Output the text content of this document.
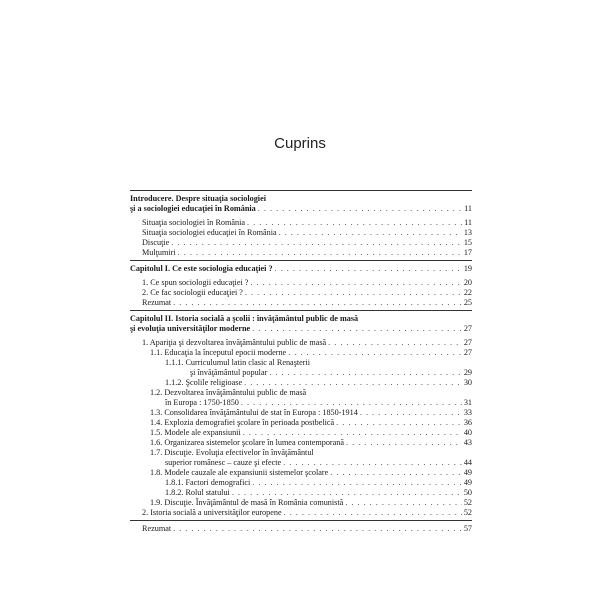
Cuprins
Introducere. Despre situaţia sociologiei
şi a sociologiei educaţiei în România . . .	11
Situaţia sociologiei în România . . .	11
Situaţia sociologiei educaţiei în România . . .	13
Discuţie . . .	15
Mulţumiri . . .	17
Capitolul I. Ce este sociologia educaţiei ? . . .	19
1. Ce spun sociologii educaţiei ? . . .	20
2. Ce fac sociologii educaţiei ? . . .	22
Rezumat . . .	25
Capitolul II. Istoria socială a şcolii : învăţământul public de masă
şi evoluţia universităţilor moderne . . .	27
1. Apariţia şi dezvoltarea învăţământului public de masă . . .	27
1.1. Educaţia la începutul epocii moderne . . .	27
1.1.1. Curriculumul latin clasic al Renaşterii
şi învăţământul popular . . .	29
1.1.2. Şcolile religioase . . .	30
1.2. Dezvoltarea învăţământului public de masă
în Europa : 1750-1850 . . .	31
1.3. Consolidarea învăţământului de stat în Europa : 1850-1914 . . .	33
1.4. Explozia demografiei şcolare în perioada postbelică . . .	36
1.5. Modele ale expansiunii . . .	40
1.6. Organizarea sistemelor şcolare în lumea contemporană . . .	43
1.7. Discuţie. Evoluţia efectivelor în învăţământul
superior românesc – cauze şi efecte . . .	44
1.8. Modele cauzale ale expansiunii sistemelor şcolare . . .	49
1.8.1. Factori demografici . . .	49
1.8.2. Rolul statului . . .	50
1.9. Discuţie. Învăţământul de masă în România comunistă . . .	52
2. Istoria socială a universităţilor europene . . .	52
Rezumat . . .	57
